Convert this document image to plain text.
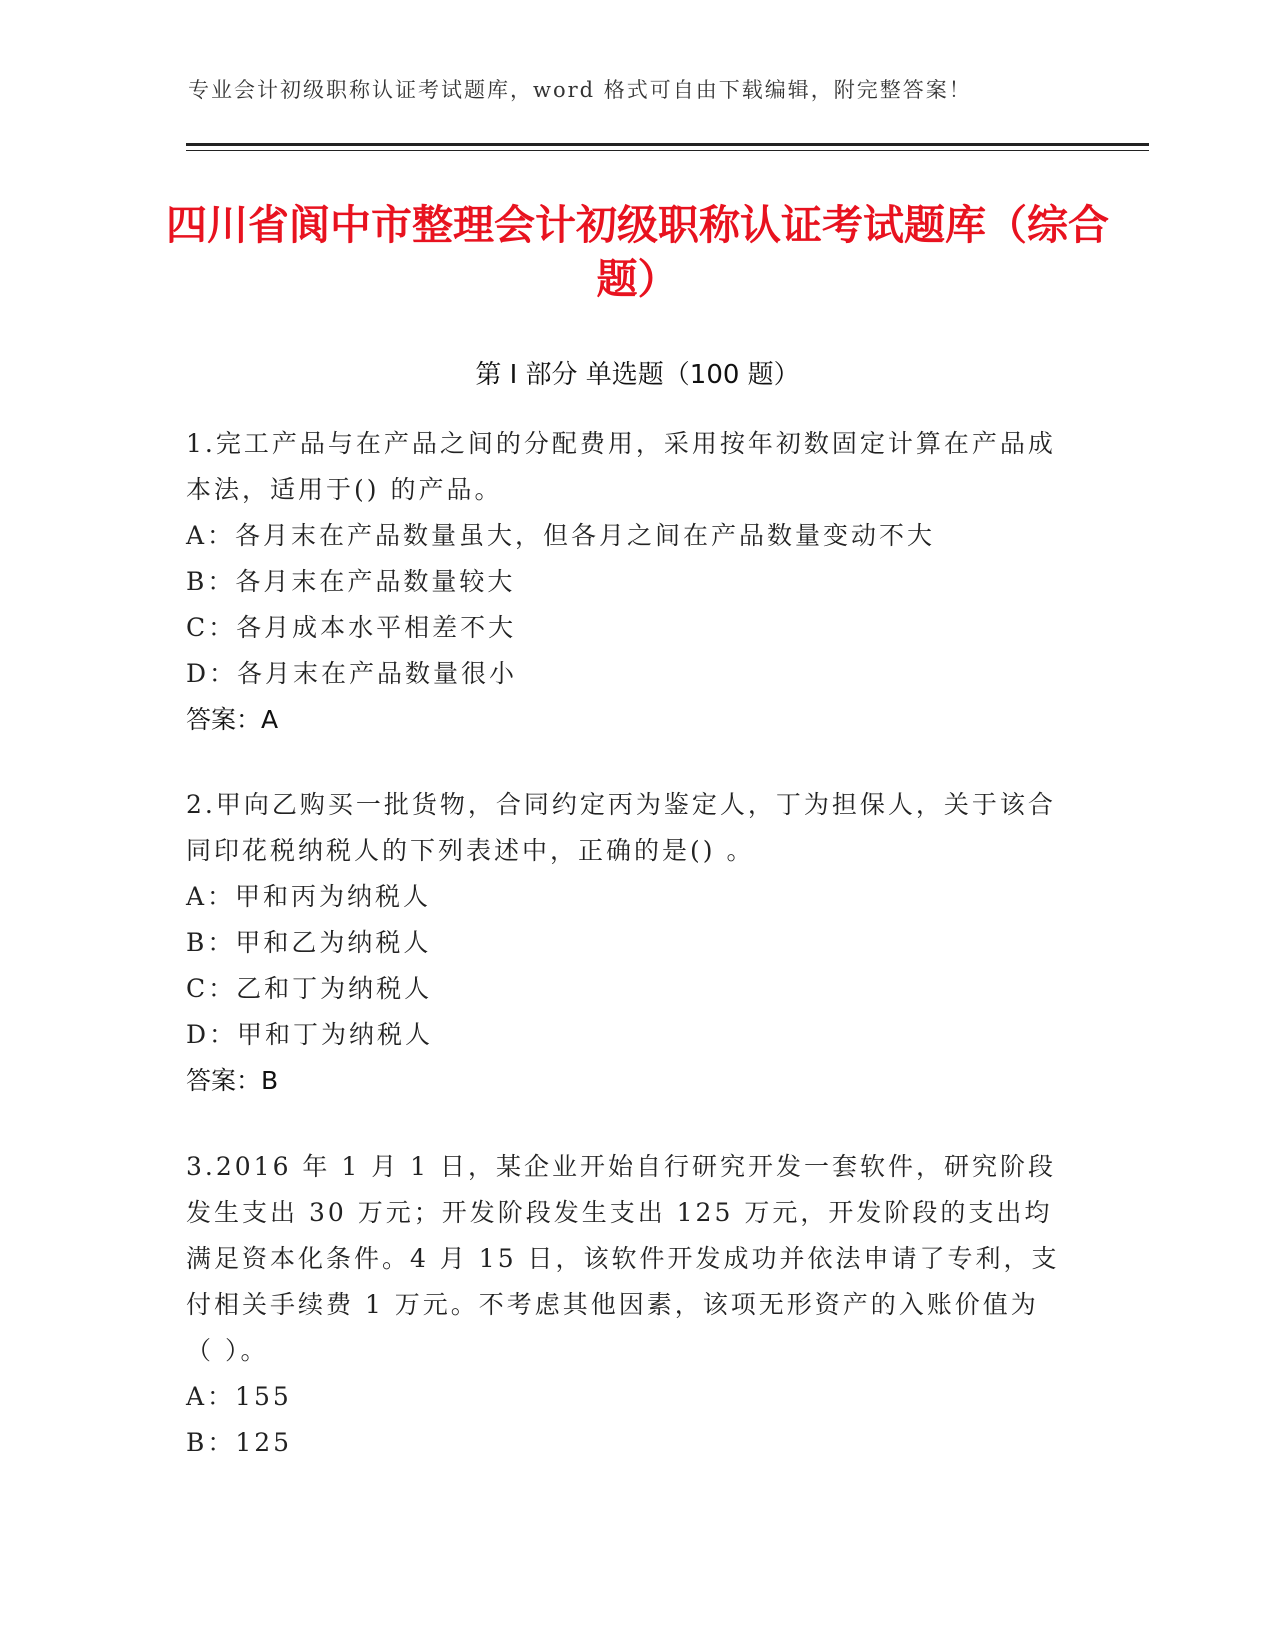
专业会计初级职称认证考试题库，word 格式可自由下载编辑，附完整答案！
四川省阆中市整理会计初级职称认证考试题库（综合题）
第 I 部分 单选题（100 题）

1.完工产品与在产品之间的分配费用，采用按年初数固定计算在产品成本法，适用于() 的产品。

A：各月末在产品数量虽大，但各月之间在产品数量变动不大

B：各月末在产品数量较大

C：各月成本水平相差不大

D：各月末在产品数量很小

答案：A

2.甲向乙购买一批货物，合同约定丙为鉴定人，丁为担保人，关于该合同印花税纳税人的下列表述中，正确的是() 。

A：甲和丙为纳税人

B：甲和乙为纳税人

C：乙和丁为纳税人

D：甲和丁为纳税人

答案：B

3.2016 年 1 月 1 日，某企业开始自行研究开发一套软件，研究阶段发生支出 30 万元；开发阶段发生支出 125 万元，开发阶段的支出均满足资本化条件。4 月 15 日，该软件开发成功并依法申请了专利，支付相关手续费 1 万元。不考虑其他因素，该项无形资产的入账价值为（ ）。

A：155

B：125
